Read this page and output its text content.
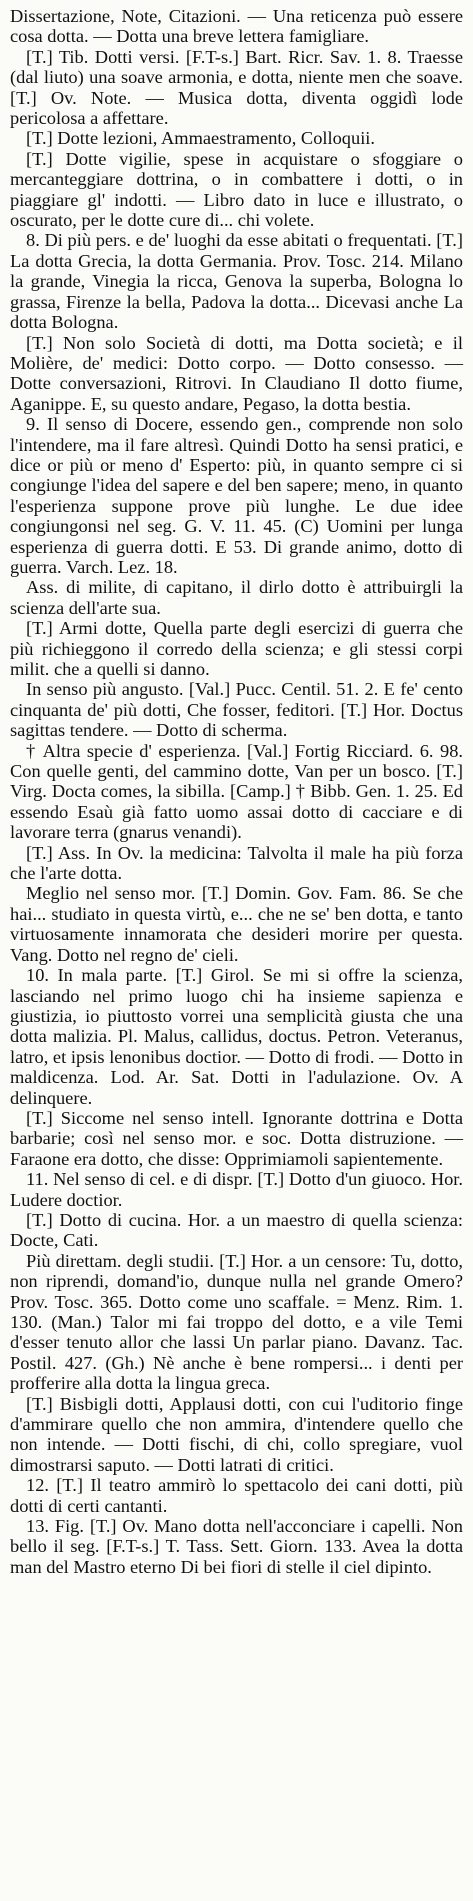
Dissertazione, Note, Citazioni. — Una reticenza può essere cosa dotta. — Dotta una breve lettera famigliare.

[T.] Tib. Dotti versi. [F.T-s.] Bart. Ricr. Sav. 1. 8. Traesse (dal liuto) una soave armonia, e dotta, niente men che soave. [T.] Ov. Note. — Musica dotta, diventa oggidì lode pericolosa a affettare.

[T.] Dotte lezioni, Ammaestramento, Colloquii.

[T.] Dotte vigilie, spese in acquistare o sfoggiare o mercanteggiare dottrina, o in combattere i dotti, o in piaggiare gl' indotti. — Libro dato in luce e illustrato, o oscurato, per le dotte cure di... chi volete.

8. Di più pers. e de' luoghi da esse abitati o frequentati. [T.] La dotta Grecia, la dotta Germania. Prov. Tosc. 214. Milano la grande, Vinegia la ricca, Genova la superba, Bologna lo grassa, Firenze la bella, Padova la dotta... Dicevasi anche La dotta Bologna.

[T.] Non solo Società di dotti, ma Dotta società; e il Molière, de' medici: Dotto corpo. — Dotto consesso. — Dotte conversazioni, Ritrovi. In Claudiano Il dotto fiume, Aganippe. E, su questo andare, Pegaso, la dotta bestia.

9. Il senso di Docere, essendo gen., comprende non solo l'intendere, ma il fare altresì. Quindi Dotto ha sensi pratici, e dice or più or meno d' Esperto: più, in quanto sempre ci si congiunge l'idea del sapere e del ben sapere; meno, in quanto l'esperienza suppone prove più lunghe. Le due idee congiungonsi nel seg. G. V. 11. 45. (C) Uomini per lunga esperienza di guerra dotti. E 53. Di grande animo, dotto di guerra. Varch. Lez. 18.

Ass. di milite, di capitano, il dirlo dotto è attribuirgli la scienza dell'arte sua.

[T.] Armi dotte, Quella parte degli esercizi di guerra che più richieggono il corredo della scienza; e gli stessi corpi milit. che a quelli si danno.

In senso più angusto. [Val.] Pucc. Centil. 51. 2. E fe' cento cinquanta de' più dotti, Che fosser, feditori. [T.] Hor. Doctus sagittas tendere. — Dotto di scherma.

† Altra specie d' esperienza. [Val.] Fortig Ricciard. 6. 98. Con quelle genti, del cammino dotte, Van per un bosco. [T.] Virg. Docta comes, la sibilla. [Camp.] † Bibb. Gen. 1. 25. Ed essendo Esaù già fatto uomo assai dotto di cacciare e di lavorare terra (gnarus venandi).

[T.] Ass. In Ov. la medicina: Talvolta il male ha più forza che l'arte dotta.

Meglio nel senso mor. [T.] Domin. Gov. Fam. 86. Se che hai... studiato in questa virtù, e... che ne se' ben dotta, e tanto virtuosamente innamorata che desideri morire per questa. Vang. Dotto nel regno de' cieli.

10. In mala parte. [T.] Girol. Se mi si offre la scienza, lasciando nel primo luogo chi ha insieme sapienza e giustizia, io piuttosto vorrei una semplicità giusta che una dotta malizia. Pl. Malus, callidus, doctus. Petron. Veteranus, latro, et ipsis lenonibus doctior. — Dotto di frodi. — Dotto in maldicenza. Lod. Ar. Sat. Dotti in l'adulazione. Ov. A delinquere.

[T.] Siccome nel senso intell. Ignorante dottrina e Dotta barbarie; così nel senso mor. e soc. Dotta distruzione. — Faraone era dotto, che disse: Opprimiamoli sapientemente.

11. Nel senso di cel. e di dispr. [T.] Dotto d'un giuoco. Hor. Ludere doctior.

[T.] Dotto di cucina. Hor. a un maestro di quella scienza: Docte, Cati.

Più direttam. degli studii. [T.] Hor. a un censore: Tu, dotto, non riprendi, domand'io, dunque nulla nel grande Omero? Prov. Tosc. 365. Dotto come uno scaffale. = Menz. Rim. 1. 130. (Man.) Talor mi fai troppo del dotto, e a vile Temi d'esser tenuto allor che lassi Un parlar piano. Davanz. Tac. Postil. 427. (Gh.) Nè anche è bene rompersi... i denti per profferire alla dotta la lingua greca.

[T.] Bisbigli dotti, Applausi dotti, con cui l'uditorio finge d'ammirare quello che non ammira, d'intendere quello che non intende. — Dotti fischi, di chi, collo spregiare, vuol dimostrarsi saputo. — Dotti latrati di critici.

12. [T.] Il teatro ammirò lo spettacolo dei cani dotti, più dotti di certi cantanti.

13. Fig. [T.] Ov. Mano dotta nell'acconciare i capelli. Non bello il seg. [F.T-s.] T. Tass. Sett. Giorn. 133. Avea la dotta man del Mastro eterno Di bei fiori di stelle il ciel dipinto.
